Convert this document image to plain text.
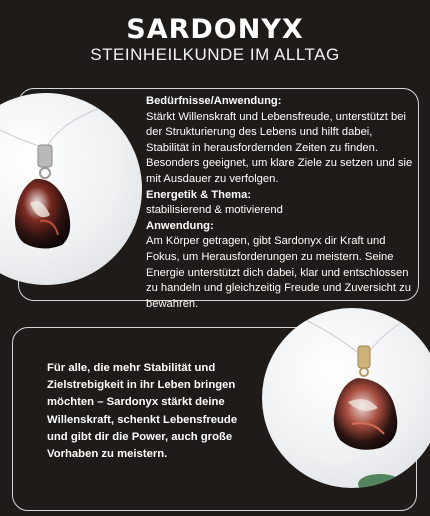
SARDONYX
STEINHEILKUNDE IM ALLTAG
Bedürfnisse/Anwendung:
Stärkt Willenskraft und Lebensfreude, unterstützt bei der Strukturierung des Lebens und hilft dabei, Stabilität in herausfordernden Zeiten zu finden. Besonders geeignet, um klare Ziele zu setzen und sie mit Ausdauer zu verfolgen.
Energetik & Thema:
stabilisierend & motivierend
Anwendung:
Am Körper getragen, gibt Sardonyx dir Kraft und Fokus, um Herausforderungen zu meistern. Seine Energie unterstützt dich dabei, klar und entschlossen zu handeln und gleichzeitig Freude und Zuversicht zu bewahren.
Für alle, die mehr Stabilität und Zielstrebigkeit in ihr Leben bringen möchten – Sardonyx stärkt deine Willenskraft, schenkt Lebensfreude und gibt dir die Power, auch große Vorhaben zu meistern.
